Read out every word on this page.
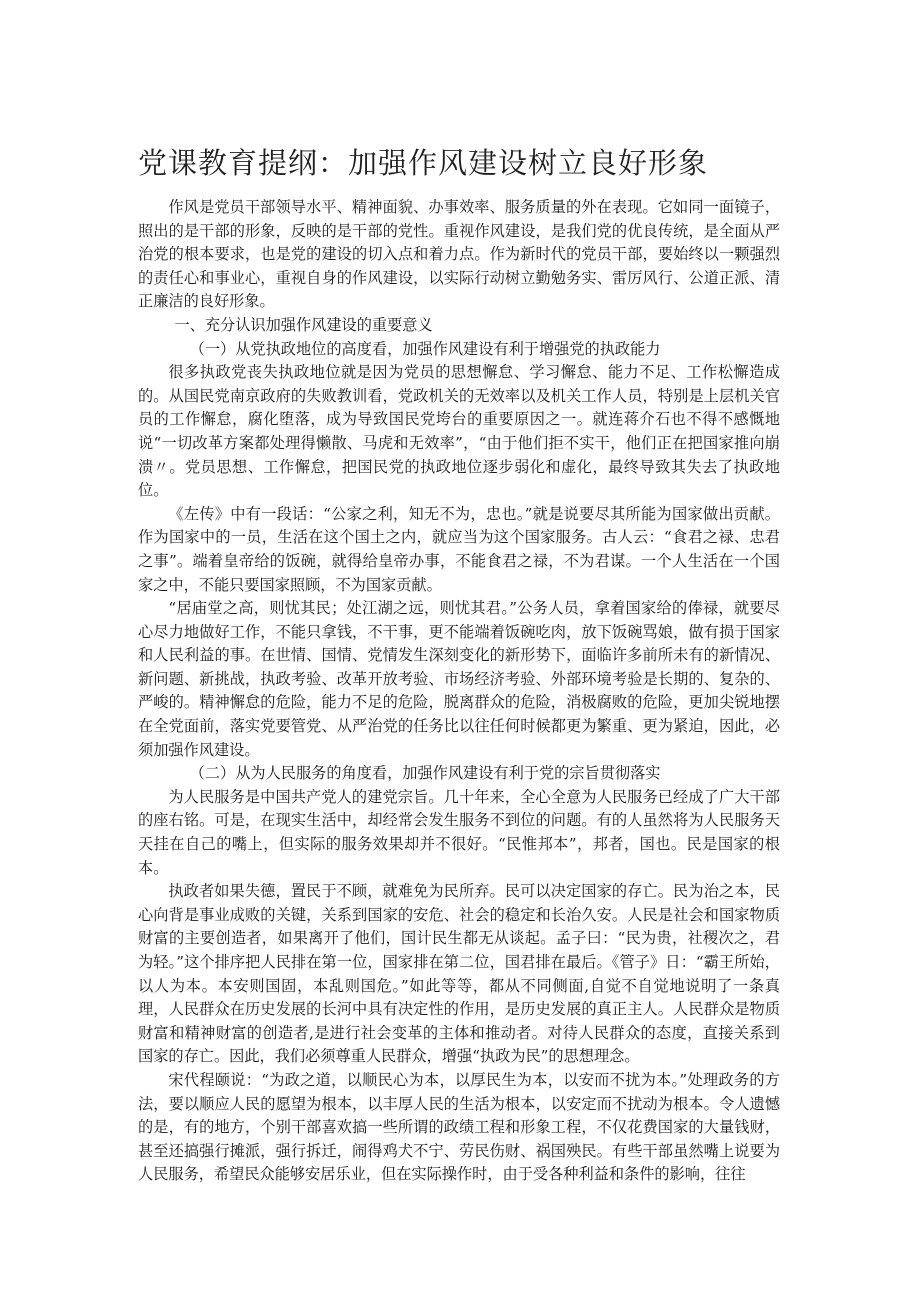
党课教育提纲：加强作风建设树立良好形象

作风是党员干部领导水平、精神面貌、办事效率、服务质量的外在表现。它如同一面镜子，照出的是干部的形象，反映的是干部的党性。重视作风建设，是我们党的优良传统，是全面从严治党的根本要求，也是党的建设的切入点和着力点。作为新时代的党员干部，要始终以一颗强烈的责任心和事业心，重视自身的作风建设，以实际行动树立勤勉务实、雷厉风行、公道正派、清正廉洁的良好形象。

一、充分认识加强作风建设的重要意义

（一）从党执政地位的高度看，加强作风建设有利于增强党的执政能力

很多执政党丧失执政地位就是因为党员的思想懈怠、学习懈怠、能力不足、工作松懈造成的。从国民党南京政府的失败教训看，党政机关的无效率以及机关工作人员，特别是上层机关官员的工作懈怠，腐化堕落，成为导致国民党垮台的重要原因之一。就连蒋介石也不得不感慨地说“一切改革方案都处理得懒散、马虎和无效率”，“由于他们拒不实干，他们正在把国家推向崩溃〃。党员思想、工作懈怠，把国民党的执政地位逐步弱化和虚化，最终导致其失去了执政地位。

《左传》中有一段话：“公家之利，知无不为，忠也。”就是说要尽其所能为国家做出贡献。作为国家中的一员，生活在这个国土之内，就应当为这个国家服务。古人云：“食君之禄、忠君之事”。端着皇帝给的饭碗，就得给皇帝办事，不能食君之禄，不为君谋。一个人生活在一个国家之中，不能只要国家照顾，不为国家贡献。

“居庙堂之高，则忧其民；处江湖之远，则忧其君。”公务人员，拿着国家给的俸禄，就要尽心尽力地做好工作，不能只拿钱，不干事，更不能端着饭碗吃肉，放下饭碗骂娘，做有损于国家和人民利益的事。在世情、国情、党情发生深刻变化的新形势下，面临许多前所未有的新情况、新问题、新挑战，执政考验、改革开放考验、市场经济考验、外部环境考验是长期的、复杂的、严峻的。精神懈怠的危险，能力不足的危险，脱离群众的危险，消极腐败的危险，更加尖锐地摆在全党面前，落实党要管党、从严治党的任务比以往任何时候都更为繁重、更为紧迫，因此，必须加强作风建设。

（二）从为人民服务的角度看，加强作风建设有利于党的宗旨贯彻落实

为人民服务是中国共产党人的建党宗旨。几十年来，全心全意为人民服务已经成了广大干部的座右铭。可是，在现实生活中，却经常会发生服务不到位的问题。有的人虽然将为人民服务天天挂在自己的嘴上，但实际的服务效果却并不很好。“民惟邦本”，邦者，国也。民是国家的根本。

执政者如果失德，置民于不顾，就难免为民所弃。民可以决定国家的存亡。民为治之本，民心向背是事业成败的关键，关系到国家的安危、社会的稳定和长治久安。人民是社会和国家物质财富的主要创造者，如果离开了他们，国计民生都无从谈起。孟子曰：“民为贵，社稷次之，君为轻。”这个排序把人民排在第一位，国家排在第二位，国君排在最后。《管子》日：“霸王所始，以人为本。本安则国固，本乱则国危。”如此等等，都从不同侧面,自觉不自觉地说明了一条真理，人民群众在历史发展的长河中具有决定性的作用，是历史发展的真正主人。人民群众是物质财富和精神财富的创造者,是进行社会变革的主体和推动者。对待人民群众的态度，直接关系到国家的存亡。因此，我们必须尊重人民群众，增强“执政为民”的思想理念。

宋代程颐说：“为政之道，以顺民心为本，以厚民生为本，以安而不扰为本。”处理政务的方法，要以顺应人民的愿望为根本，以丰厚人民的生活为根本，以安定而不扰动为根本。令人遗憾的是，有的地方，个别干部喜欢搞一些所谓的政绩工程和形象工程，不仅花费国家的大量钱财，甚至还搞强行摊派，强行拆迁，闹得鸡犬不宁、劳民伤财、祸国殃民。有些干部虽然嘴上说要为人民服务，希望民众能够安居乐业，但在实际操作时，由于受各种利益和条件的影响，往往
